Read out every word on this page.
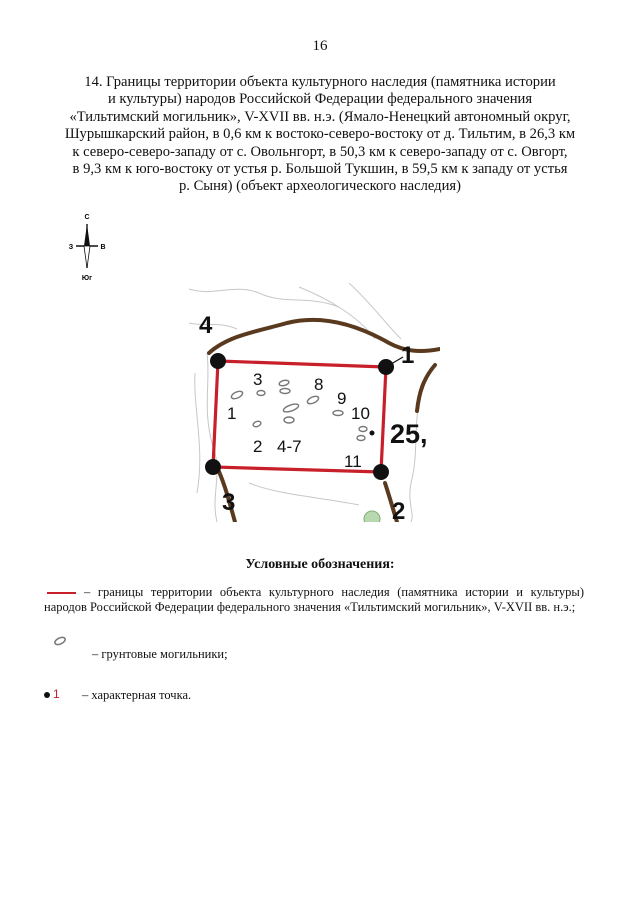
16
14. Границы территории объекта культурного наследия (памятника истории
и культуры) народов Российской Федерации федерального значения
«Тильтимский могильник», V-XVII вв. н.э. (Ямало-Ненецкий автономный округ,
Шурышкарский район, в 0,6 км к востоко-северо-востоку от д. Тильтим, в 26,3 км
к северо-северо-западу от с. Овольнгорт, в 50,3 км к северо-западу от с. Овгорт,
в 9,3 км к юго-востоку от устья р. Большой Тукшин, в 59,5 км к западу от устья
р. Сыня) (объект археологического наследия)
С
З	В
Юг
1
2
3
4
1
2
3
4-7
8
9
10
11
25,
Условные обозначения:
– границы территории объекта культурного наследия (памятника истории и культуры)
народов Российской Федерации федерального значения «Тильтимский могильник», V-XVII вв. н.э.;
– грунтовые могильники;
1 – характерная точка.
